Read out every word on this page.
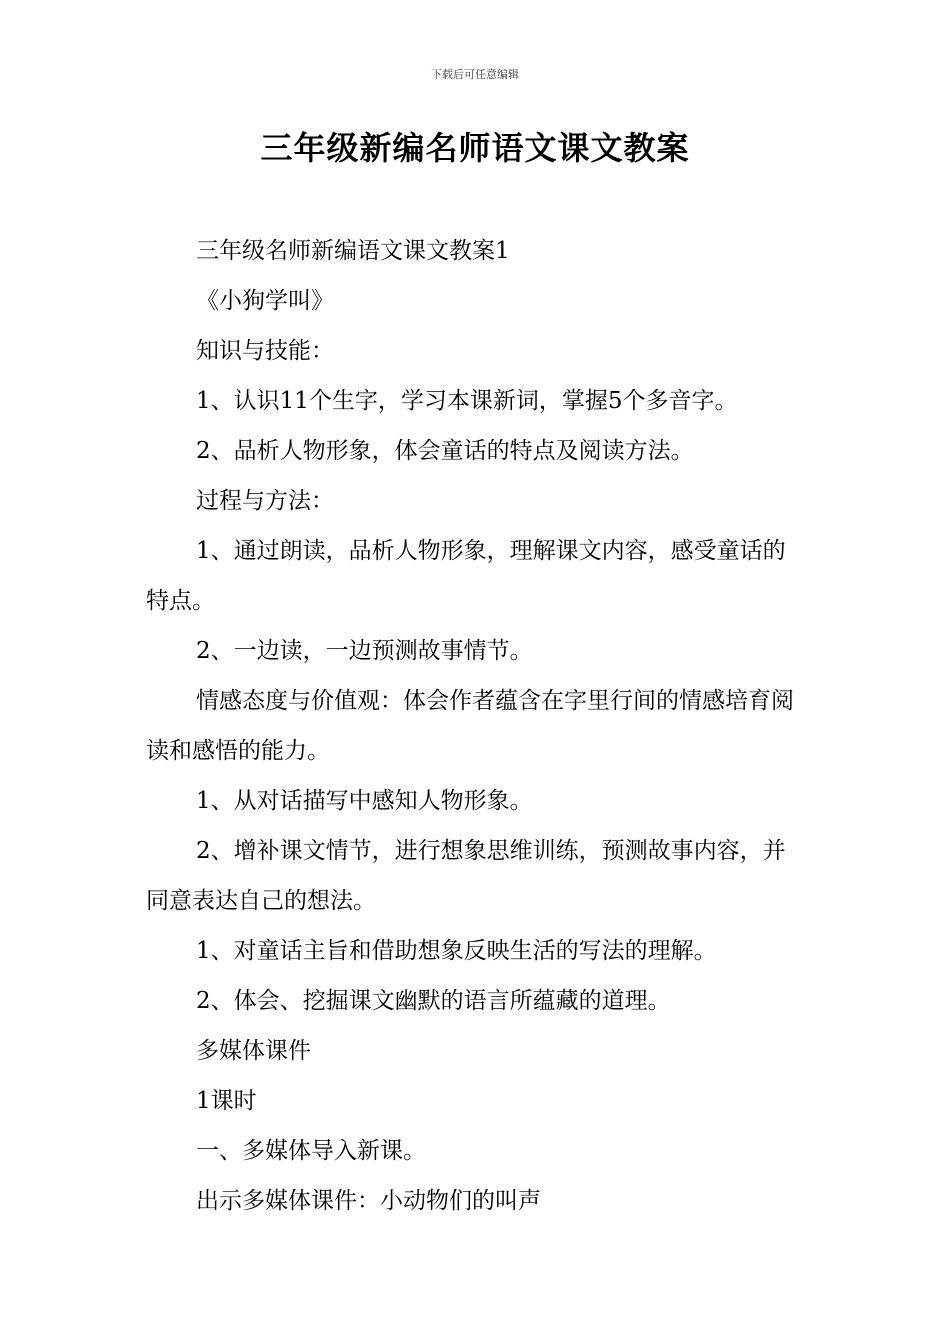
下载后可任意编辑
三年级新编名师语文课文教案

三年级名师新编语文课文教案1

《小狗学叫》

知识与技能：

1、认识11个生字，学习本课新词，掌握5个多音字。

2、品析人物形象，体会童话的特点及阅读方法。

过程与方法：

1、通过朗读，品析人物形象，理解课文内容，感受童话的特点。

2、一边读，一边预测故事情节。

情感态度与价值观：体会作者蕴含在字里行间的情感培育阅读和感悟的能力。

1、从对话描写中感知人物形象。

2、增补课文情节，进行想象思维训练，预测故事内容，并同意表达自己的想法。

1、对童话主旨和借助想象反映生活的写法的理解。

2、体会、挖掘课文幽默的语言所蕴藏的道理。

多媒体课件

1课时

一、多媒体导入新课。

出示多媒体课件：小动物们的叫声
